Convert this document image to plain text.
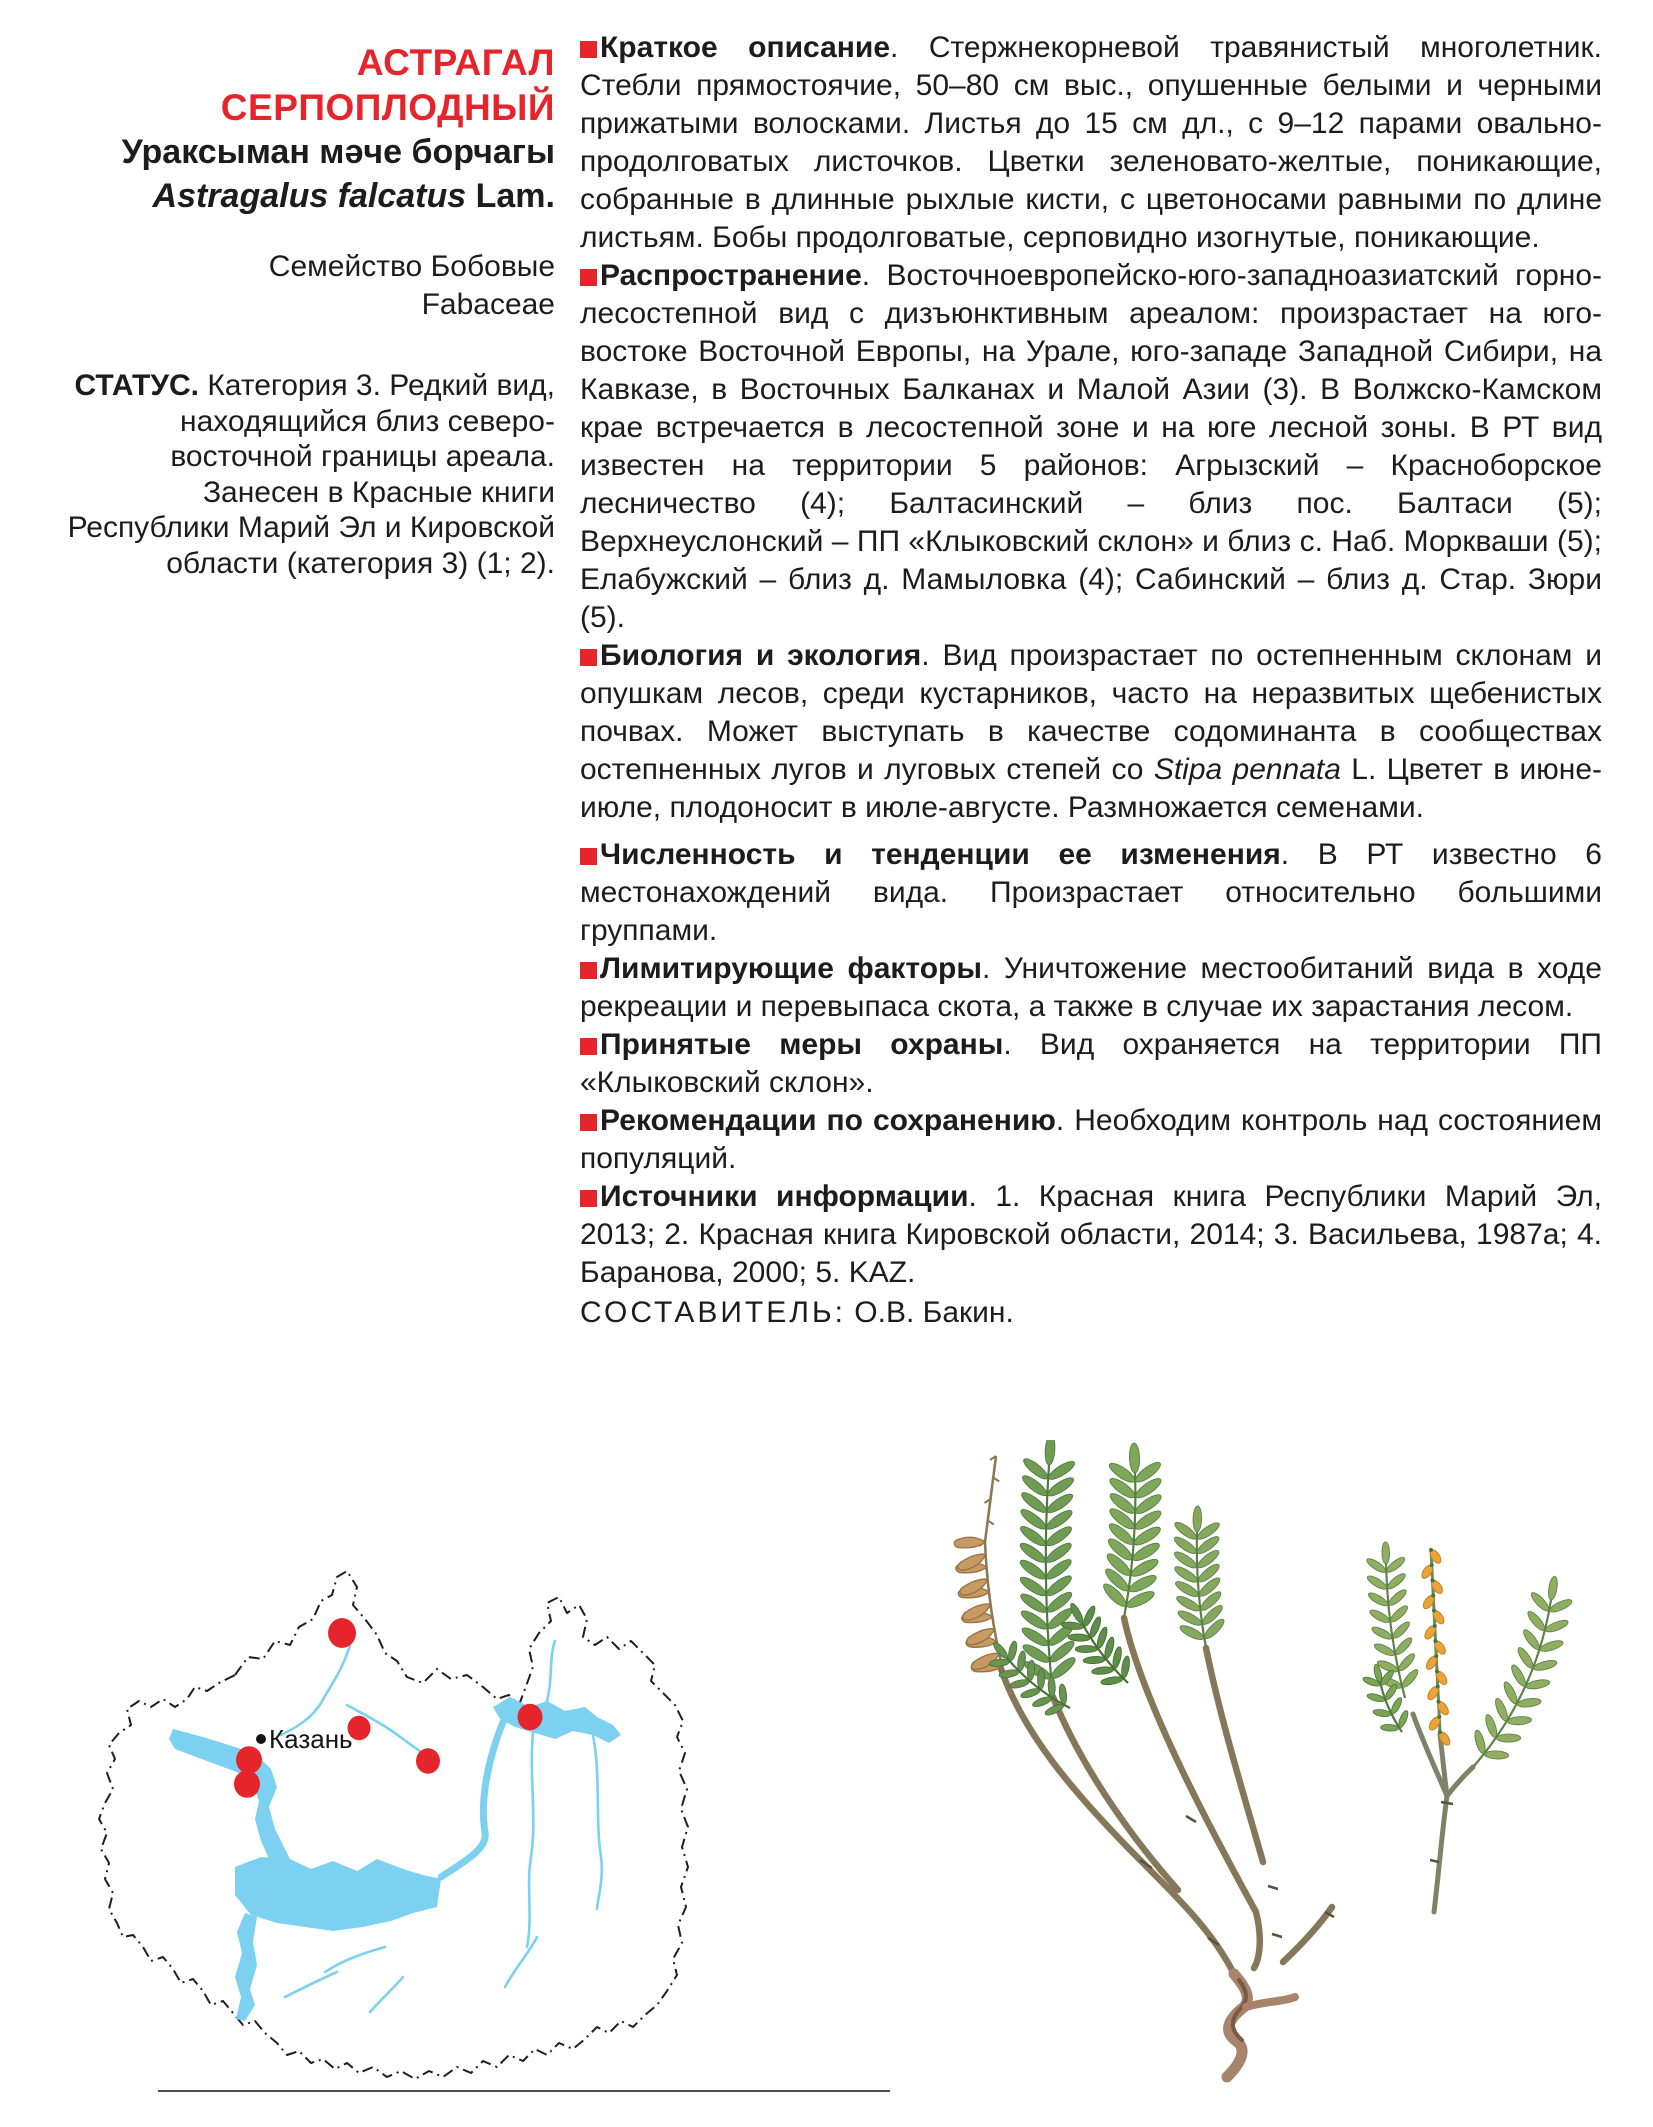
АСТРАГАЛ СЕРПОПЛОДНЫЙ
Ураксыман мәче борчагы
Astragalus falcatus Lam.
Семейство Бобовые
Fabaceae

СТАТУС. Категория 3. Редкий вид, находящийся близ северо-восточной границы ареала. Занесен в Красные книги Республики Марий Эл и Кировской области (категория 3) (1; 2).

Краткое описание. Стержнекорневой травянистый многолетник. Стебли прямостоячие, 50–80 см выс., опушенные белыми и черными прижатыми волосками. Листья до 15 см дл., с 9–12 парами овально-продолговатых листочков. Цветки зеленовато-желтые, поникающие, собранные в длинные рыхлые кисти, с цветоносами равными по длине листьям. Бобы продолговатые, серповидно изогнутые, поникающие.

Распространение. Восточноевропейско-юго-западноазиатский горно-лесостепной вид с дизъюнктивным ареалом: произрастает на юго-востоке Восточной Европы, на Урале, юго-западе Западной Сибири, на Кавказе, в Восточных Балканах и Малой Азии (3). В Волжско-Камском крае встречается в лесостепной зоне и на юге лесной зоны. В РТ вид известен на территории 5 районов: Агрызский – Красноборское лесничество (4); Балтасинский – близ пос. Балтаси (5); Верхнеуслонский – ПП «Клыковский склон» и близ с. Наб. Моркваши (5); Елабужский – близ д. Мамыловка (4); Сабинский – близ д. Стар. Зюри (5).

Биология и экология. Вид произрастает по остепненным склонам и опушкам лесов, среди кустарников, часто на неразвитых щебенистых почвах. Может выступать в качестве содоминанта в сообществах остепненных лугов и луговых степей со Stipa pennata L. Цветет в июне-июле, плодоносит в июле-августе. Размножается семенами.

Численность и тенденции ее изменения. В РТ известно 6 местонахождений вида. Произрастает относительно большими группами.

Лимитирующие факторы. Уничтожение местообитаний вида в ходе рекреации и перевыпаса скота, а также в случае их зарастания лесом.

Принятые меры охраны. Вид охраняется на территории ПП «Клыковский склон».

Рекомендации по сохранению. Необходим контроль над состоянием популяций.

Источники информации. 1. Красная книга Республики Марий Эл, 2013; 2. Красная книга Кировской области, 2014; 3. Васильева, 1987а; 4. Баранова, 2000; 5. KAZ.

СОСТАВИТЕЛЬ: О.В. Бакин.

Казань
